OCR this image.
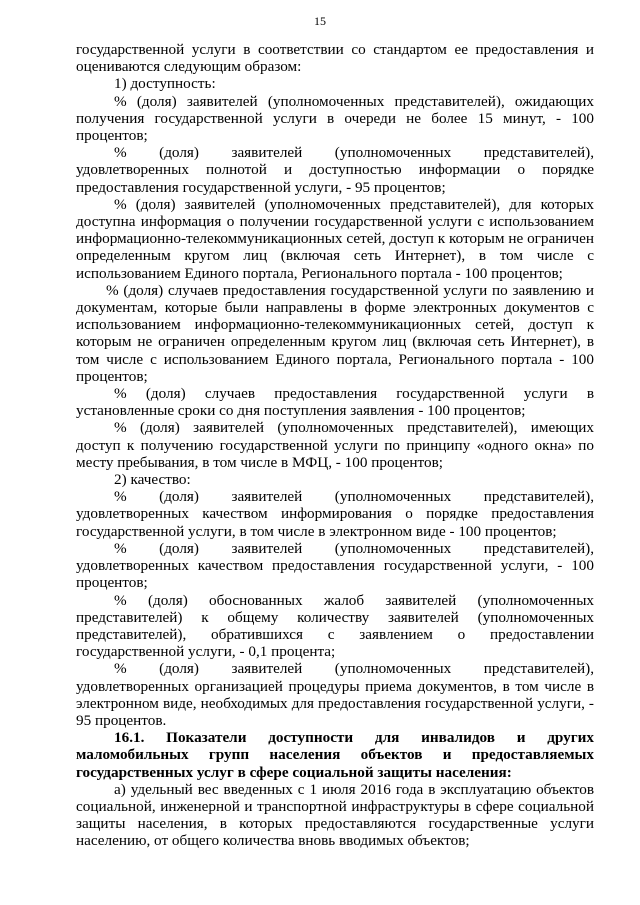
15

государственной услуги в соответствии со стандартом ее предоставления и оцениваются следующим образом:

1) доступность:

% (доля) заявителей (уполномоченных представителей), ожидающих получения государственной услуги в очереди не более 15 минут, - 100 процентов;

% (доля) заявителей (уполномоченных представителей), удовлетворенных полнотой и доступностью информации о порядке предоставления государственной услуги, - 95 процентов;

% (доля) заявителей (уполномоченных представителей), для которых доступна информация о получении государственной услуги с использованием информационно-телекоммуникационных сетей, доступ к которым не ограничен определенным кругом лиц (включая сеть Интернет), в том числе с использованием Единого портала, Регионального портала - 100 процентов;

% (доля) случаев предоставления государственной услуги по заявлению и документам, которые были направлены в форме электронных документов с использованием информационно-телекоммуникационных сетей, доступ к которым не ограничен определенным кругом лиц (включая сеть Интернет), в том числе с использованием Единого портала, Регионального портала - 100 процентов;

% (доля) случаев предоставления государственной услуги в установленные сроки со дня поступления заявления - 100 процентов;

% (доля) заявителей (уполномоченных представителей), имеющих доступ к получению государственной услуги по принципу «одного окна» по месту пребывания, в том числе в МФЦ, - 100 процентов;

2) качество:

% (доля) заявителей (уполномоченных представителей), удовлетворенных качеством информирования о порядке предоставления государственной услуги, в том числе в электронном виде - 100 процентов;

% (доля) заявителей (уполномоченных представителей), удовлетворенных качеством предоставления государственной услуги, - 100 процентов;

% (доля) обоснованных жалоб заявителей (уполномоченных представителей) к общему количеству заявителей (уполномоченных представителей), обратившихся с заявлением о предоставлении государственной услуги, - 0,1 процента;

% (доля) заявителей (уполномоченных представителей), удовлетворенных организацией процедуры приема документов, в том числе в электронном виде, необходимых для предоставления государственной услуги, - 95 процентов.

16.1. Показатели доступности для инвалидов и других маломобильных групп населения объектов и предоставляемых государственных услуг в сфере социальной защиты населения:

а) удельный вес введенных с 1 июля 2016 года в эксплуатацию объектов социальной, инженерной и транспортной инфраструктуры в сфере социальной защиты населения, в которых предоставляются государственные услуги населению, от общего количества вновь вводимых объектов;
